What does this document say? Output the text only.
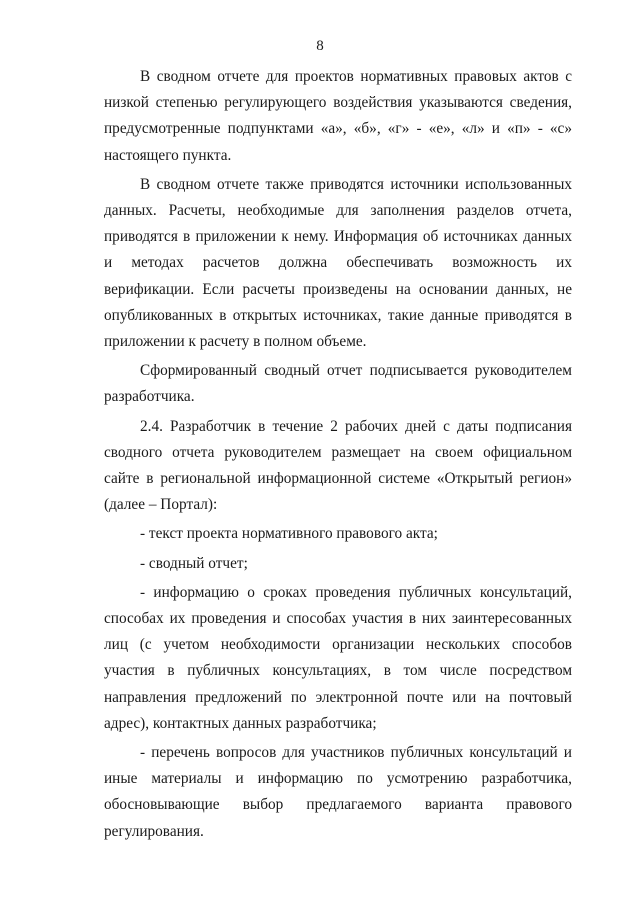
8

В сводном отчете для проектов нормативных правовых актов с низкой степенью регулирующего воздействия указываются сведения, предусмотренные подпунктами «а», «б», «г» - «е», «л» и «п» - «с» настоящего пункта.

В сводном отчете также приводятся источники использованных данных. Расчеты, необходимые для заполнения разделов отчета, приводятся в приложении к нему. Информация об источниках данных и методах расчетов должна обеспечивать возможность их верификации. Если расчеты произведены на основании данных, не опубликованных в открытых источниках, такие данные приводятся в приложении к расчету в полном объеме.

Сформированный сводный отчет подписывается руководителем разработчика.

2.4. Разработчик в течение 2 рабочих дней с даты подписания сводного отчета руководителем размещает на своем официальном сайте в региональной информационной системе «Открытый регион» (далее – Портал):

- текст проекта нормативного правового акта;

- сводный отчет;

- информацию о сроках проведения публичных консультаций, способах их проведения и способах участия в них заинтересованных лиц (с учетом необходимости организации нескольких способов участия в публичных консультациях, в том числе посредством направления предложений по электронной почте или на почтовый адрес), контактных данных разработчика;

- перечень вопросов для участников публичных консультаций и иные материалы и информацию по усмотрению разработчика, обосновывающие выбор предлагаемого варианта правового регулирования.
